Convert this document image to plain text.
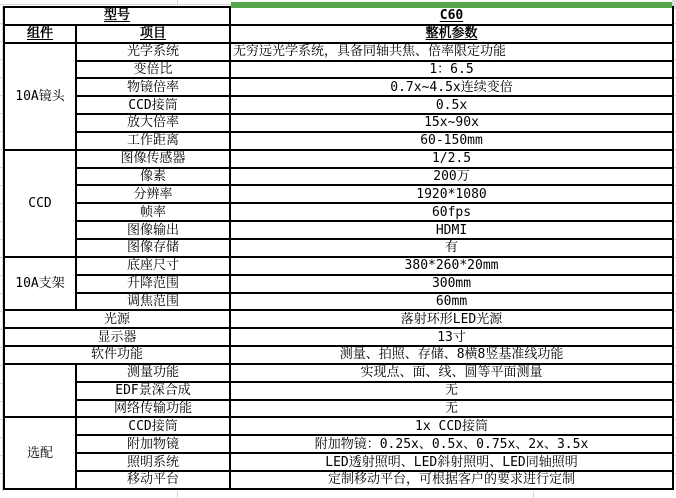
型号		C60
组件	项目	整机参数
10A镜头	光学系统	无穷远光学系统，具备同轴共焦、倍率限定功能
	变倍比	1：6.5
	物镜倍率	0.7x~4.5x连续变倍
	CCD接筒	0.5x
	放大倍率	15x~90x
	工作距离	60-150mm
CCD	图像传感器	1/2.5
	像素	200万
	分辨率	1920*1080
	帧率	60fps
	图像输出	HDMI
	图像存储	有
10A支架	底座尺寸	380*260*20mm
	升降范围	300mm
	调焦范围	60mm
光源		落射环形LED光源
显示器		13寸
软件功能		测量、拍照、存储、8横8竖基准线功能
	测量功能	实现点、面、线、圆等平面测量
	EDF景深合成	无
	网络传输功能	无
选配	CCD接筒	1x CCD接筒
	附加物镜	附加物镜：0.25x、0.5x、0.75x、2x、3.5x
	照明系统	LED透射照明、LED斜射照明、LED同轴照明
	移动平台	定制移动平台，可根据客户的要求进行定制
